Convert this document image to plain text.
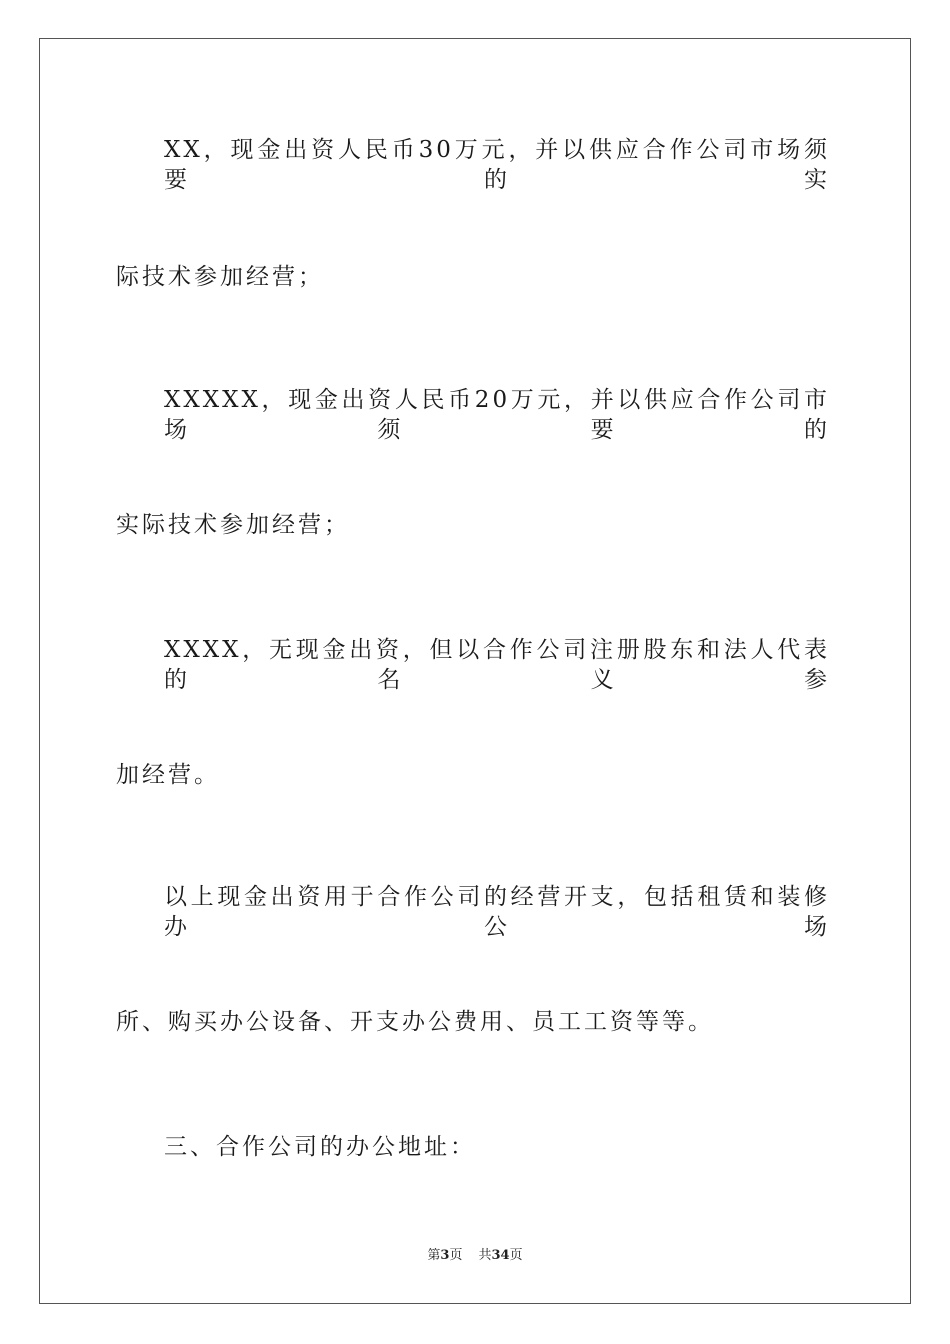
XX，现金出资人民币30万元，并以供应合作公司市场须要的实
际技术参加经营；
XXXXX，现金出资人民币20万元，并以供应合作公司市场须要的
实际技术参加经营；
XXXX，无现金出资，但以合作公司注册股东和法人代表的名义参
加经营。
以上现金出资用于合作公司的经营开支，包括租赁和装修办公场
所、购买办公设备、开支办公费用、员工工资等等。
三、合作公司的办公地址：
第3页 共34页
